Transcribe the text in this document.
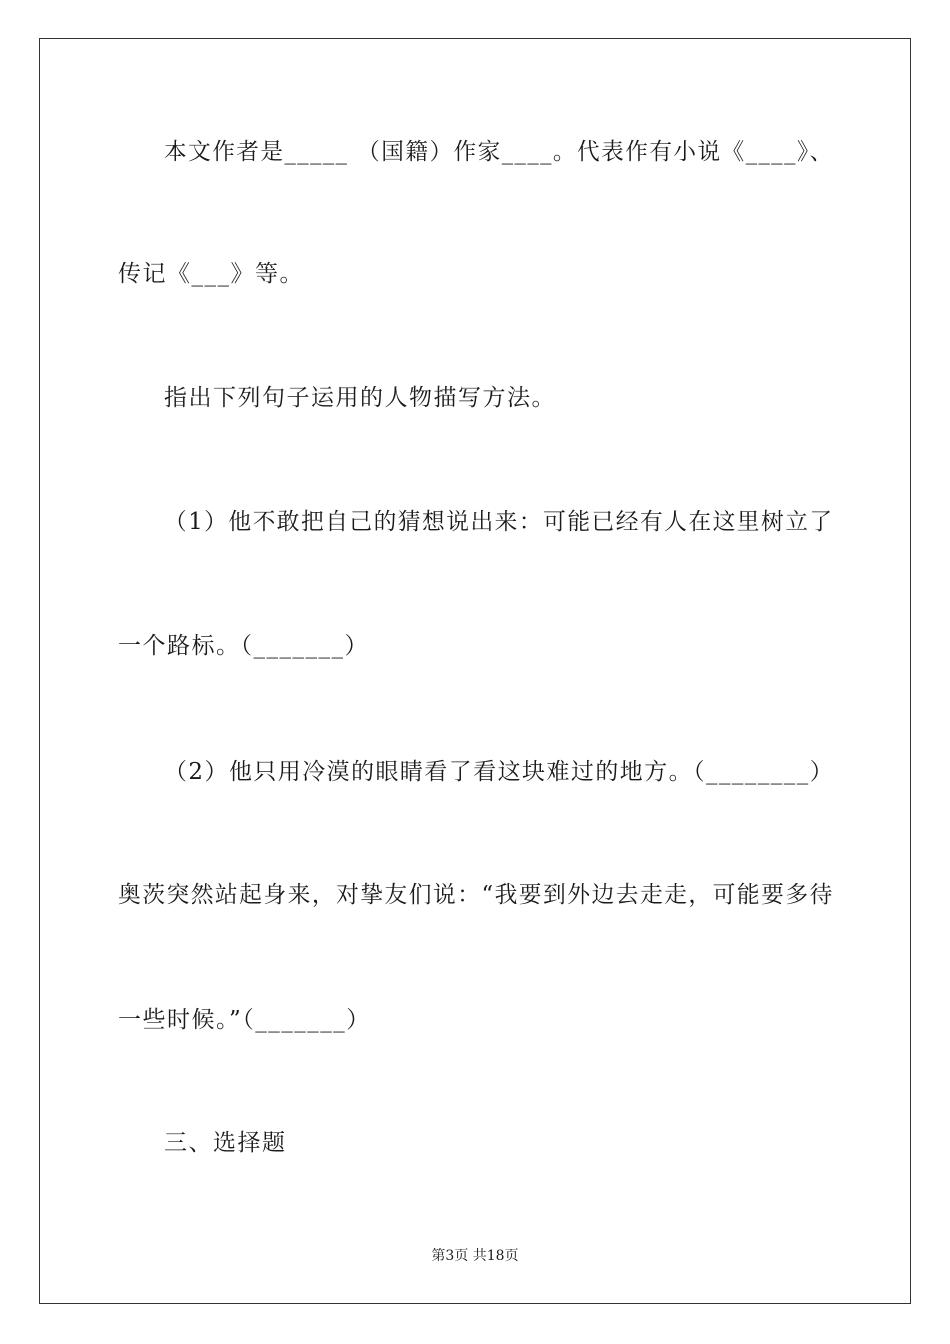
本文作者是_____ （国籍）作家____。代表作有小说《____》、
传记《___》等。
指出下列句子运用的人物描写方法。
（1）他不敢把自己的猜想说出来：可能已经有人在这里树立了
一个路标。（_______）
（2）他只用冷漠的眼睛看了看这块难过的地方。（________）
奥茨突然站起身来，对挚友们说：“我要到外边去走走，可能要多待
一些时候。”（_______）
三、选择题
第3页 共18页
